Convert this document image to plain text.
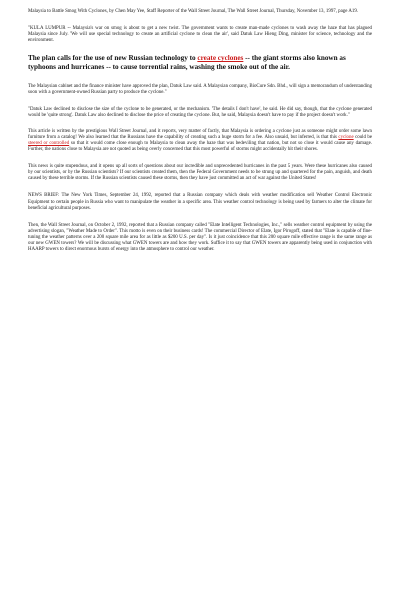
Malaysia to Battle Smog With Cyclones, by Chen May Yee, Staff Reporter of the Wall Street Journal, The Wall Street Journal, Thursday, November 13, 1997, page A19.

"KULA LUMPUR -- Malaysia's war on smog is about to get a new twist. The government wants to create man-made cyclones to wash away the haze that has plagued Malaysia since July. 'We will use special technology to create an artificial cyclone to clean the air', said Datuk Law Hieng Ding, minister for science, technology and the environment.

The plan calls for the use of new Russian technology to create cyclones -- the giant storms also known as typhoons and hurricanes -- to cause torrential rains, washing the smoke out of the air.

The Malaysian cabinet and the finance minister have approved the plan, Datuk Law said. A Malaysian company, BioCure Sdn. Bhd., will sign a memorandum of understanding soon with a government-owned Russian party to produce the cyclone."

"Datuk Law declined to disclose the size of the cyclone to be generated, or the mechanism. 'The details I don't have', he said. He did say, though, that the cyclone generated would be 'quite strong'. Datuk Law also declined to disclose the price of creating the cyclone. But, he said, Malaysia doesn't have to pay if the project doesn't work."

This article is written by the prestigious Wall Street Journal, and it reports, very matter of factly, that Malaysia is ordering a cyclone just as someone might order some lawn furniture from a catalog! We also learned that the Russians have the capability of creating such a huge storm for a fee. Also unsaid, but inferred, is that this cyclone could be steered or controlled so that it would come close enough to Malaysia to clean away the haze that was bedeviling that nation, but not so close it would cause any damage. Further, the nations close to Malaysia are not quoted as being overly concerned that this most powerful of storms might accidentally hit their shores.

This news is quite stupendous, and it opens up all sorts of questions about our incredible and unprecedented hurricanes in the past 5 years. Were these hurricanes also caused by our scientists, or by the Russian scientists? If our scientists created them, then the Federal Government needs to be strung up and quartered for the pain, anguish, and death caused by these terrible storms. If the Russian scientists caused these storms, then they have just committed an act of war against the United States!

NEWS BRIEF: The New York Times, September 24, 1992, reported that a Russian company which deals with weather modification sell Weather Control Electronic Equipment to certain people in Russia who want to manipulate the weather in a specific area. This weather control technology is being used by farmers to alter the climate for beneficial agricultural purposes.

Then, the Wall Street Journal, on October 2, 1992, reported that a Russian company called "Elate Intelligent Technologies, Inc.," sells weather control equipment by using the advertising slogan, "Weather Made to Order". This motto is even on their business cards! The commercial Director of Elate, Igor Pirogoff, stated that "Elate is capable of fine-tuning the weather patterns over a 200 square mile area for as little as $200 U.S. per day". Is it just coincidence that this 200 square mile effective range is the same range as our new GWEN towers? We will be discussing what GWEN towers are and how they work. Suffice it to say that GWEN towers are apparently being used in conjunction with HAARP towers to direct enormous bursts of energy into the atmosphere to control our weather.
